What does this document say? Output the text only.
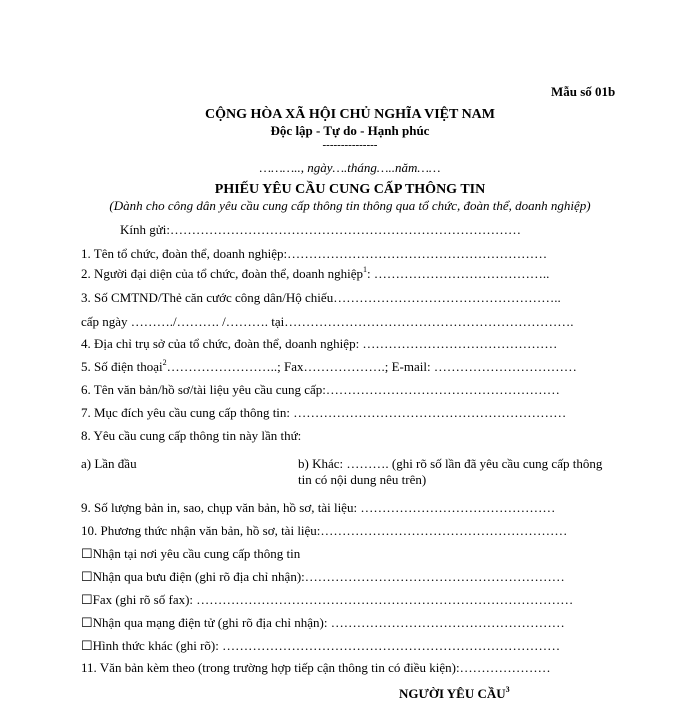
Mẫu số 01b
CỘNG HÒA XÃ HỘI CHỦ NGHĨA VIỆT NAM
Độc lập - Tự do - Hạnh phúc
---------------
……….., ngày….tháng…..năm……
PHIẾU YÊU CẦU CUNG CẤP THÔNG TIN
(Dành cho công dân yêu cầu cung cấp thông tin thông qua tổ chức, đoàn thể, doanh nghiệp)
Kính gửi:………………………………………………………………………
1. Tên tổ chức, đoàn thể, doanh nghiệp:……………………………………………………
2. Người đại diện của tổ chức, đoàn thể, doanh nghiệp$^1$: …………………………………..
3. Số CMTND/Thẻ căn cước công dân/Hộ chiếu……………………………………………..
cấp ngày ………./………. /………. tại………………………………………………………….
4. Địa chỉ trụ sở của tổ chức, đoàn thể, doanh nghiệp: ………………………………………
5. Số điện thoại$^2$……………………..; Fax……………….; E-mail: ……………………………
6. Tên văn bản/hồ sơ/tài liệu yêu cầu cung cấp:………………………………………………
7. Mục đích yêu cầu cung cấp thông tin: ………………………………………………………
8. Yêu cầu cung cấp thông tin này lần thứ:
a) Lần đầu	b) Khác: ………. (ghi rõ số lần đã yêu cầu cung cấp thông tin có nội dung nêu trên)
9. Số lượng bản in, sao, chụp văn bản, hồ sơ, tài liệu: ………………………………………
10. Phương thức nhận văn bản, hồ sơ, tài liệu:…………………………………………………
☐Nhận tại nơi yêu cầu cung cấp thông tin
☐Nhận qua bưu điện (ghi rõ địa chỉ nhận):……………………………………………………
☐Fax (ghi rõ số fax): ……………………………………………………………………………
☐Nhận qua mạng điện tử (ghi rõ địa chỉ nhận): ………………………………………………
☐Hình thức khác (ghi rõ): ……………………………………………………………………
11. Văn bản kèm theo (trong trường hợp tiếp cận thông tin có điều kiện):…………………
NGƯỜI YÊU CẦU$^3$
